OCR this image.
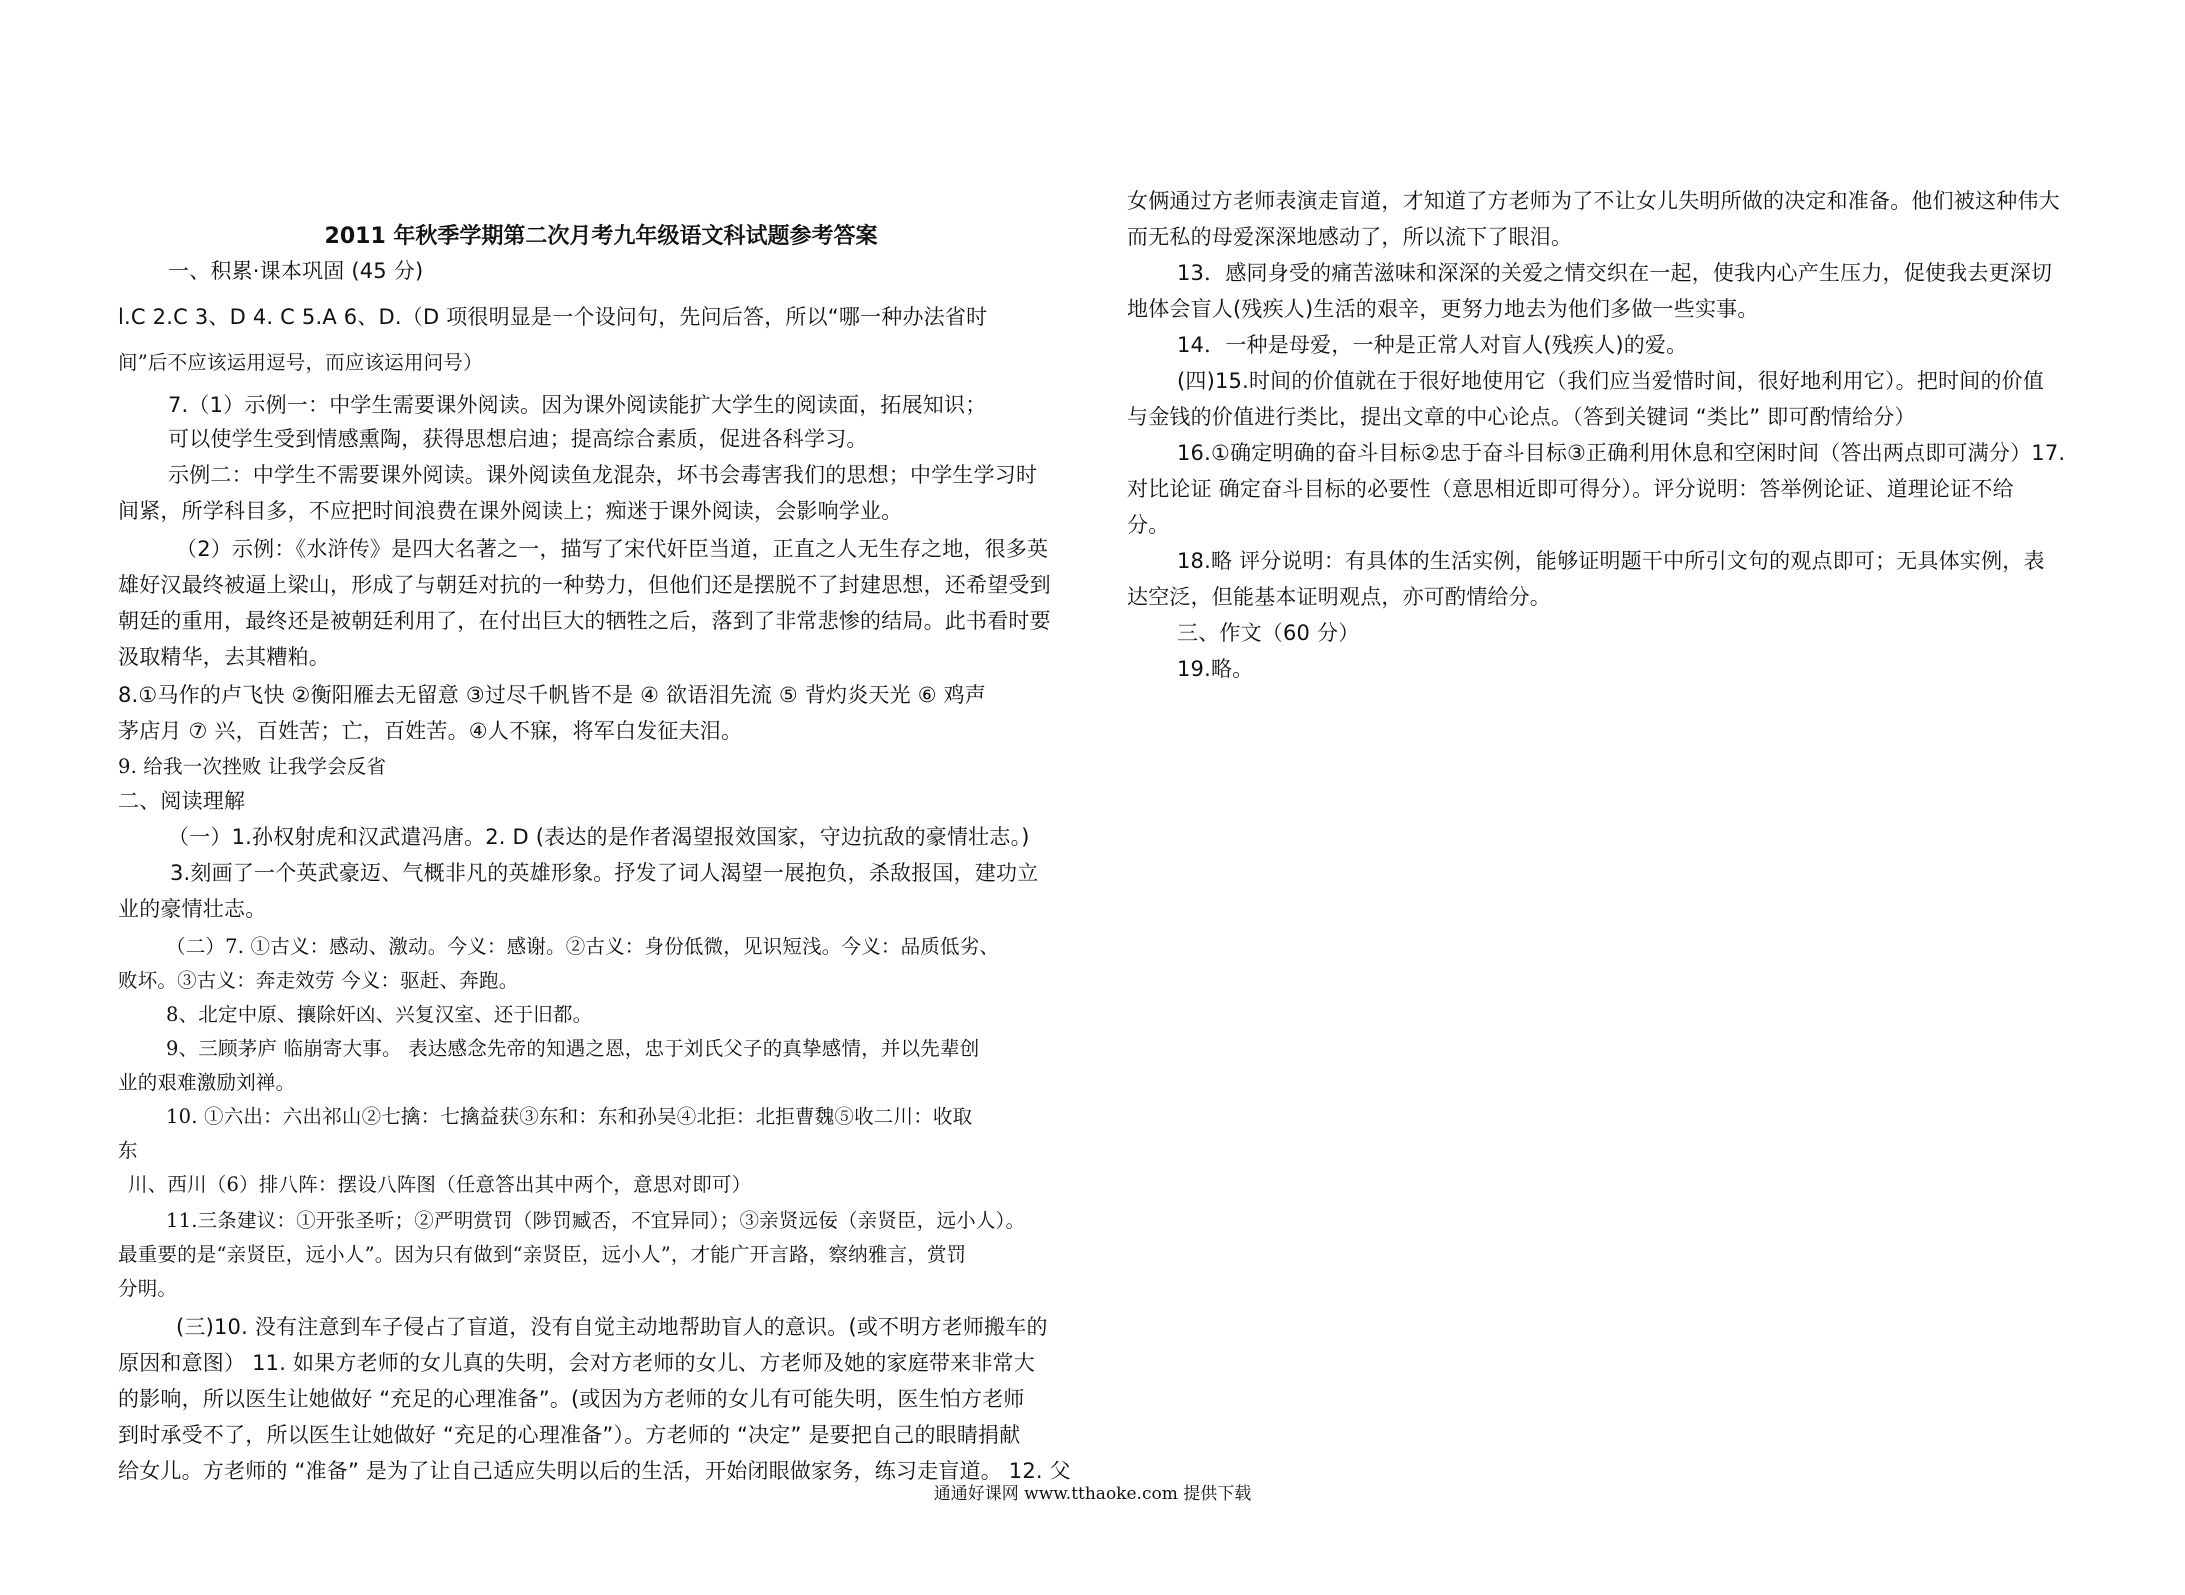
2011 年秋季学期第二次月考九年级语文科试题参考答案
一、积累·课本巩固 (45 分)
l.C 2.C 3、D 4. C 5.A 6、D.（D 项很明显是一个设问句，先问后答，所以“哪一种办法省时
间”后不应该运用逗号，而应该运用问号）
7.（1）示例一：中学生需要课外阅读。因为课外阅读能扩大学生的阅读面，拓展知识；
可以使学生受到情感熏陶，获得思想启迪；提高综合素质，促进各科学习。
示例二：中学生不需要课外阅读。课外阅读鱼龙混杂，坏书会毒害我们的思想；中学生学习时
间紧，所学科目多，不应把时间浪费在课外阅读上；痴迷于课外阅读，会影响学业。
（2）示例：《水浒传》是四大名著之一，描写了宋代奸臣当道，正直之人无生存之地，很多英
雄好汉最终被逼上梁山，形成了与朝廷对抗的一种势力，但他们还是摆脱不了封建思想，还希望受到
朝廷的重用，最终还是被朝廷利用了，在付出巨大的牺牲之后，落到了非常悲惨的结局。此书看时要
汲取精华，去其糟粕。
8.①马作的卢飞快 ②衡阳雁去无留意 ③过尽千帆皆不是 ④ 欲语泪先流 ⑤ 背灼炎天光 ⑥ 鸡声
茅店月 ⑦ 兴，百姓苦；亡，百姓苦。④人不寐，将军白发征夫泪。
9. 给我一次挫败 让我学会反省
二、阅读理解
（一）1.孙权射虎和汉武遣冯唐。2. D (表达的是作者渴望报效国家，守边抗敌的豪情壮志。)
3.刻画了一个英武豪迈、气概非凡的英雄形象。抒发了词人渴望一展抱负，杀敌报国，建功立
业的豪情壮志。
（二）7. ①古义：感动、激动。今义：感谢。②古义：身份低微，见识短浅。今义：品质低劣、
败坏。③古义：奔走效劳 今义：驱赶、奔跑。
8、北定中原、攘除奸凶、兴复汉室、还于旧都。
9、三顾茅庐 临崩寄大事。 表达感念先帝的知遇之恩，忠于刘氏父子的真挚感情，并以先辈创
业的艰难激励刘禅。
10. ①六出：六出祁山②七擒：七擒益获③东和：东和孙吴④北拒：北拒曹魏⑤收二川：收取
东
川、西川（6）排八阵：摆设八阵图（任意答出其中两个，意思对即可）
11.三条建议：①开张圣听；②严明赏罚（陟罚臧否，不宜异同）；③亲贤远佞（亲贤臣，远小人）。
最重要的是“亲贤臣，远小人”。因为只有做到“亲贤臣，远小人”，才能广开言路，察纳雅言，赏罚
分明。
(三)10. 没有注意到车子侵占了盲道，没有自觉主动地帮助盲人的意识。(或不明方老师搬车的
原因和意图） 11. 如果方老师的女儿真的失明，会对方老师的女儿、方老师及她的家庭带来非常大
的影响，所以医生让她做好 “充足的心理准备”。(或因为方老师的女儿有可能失明，医生怕方老师
到时承受不了，所以医生让她做好 “充足的心理准备”）。方老师的 “决定” 是要把自己的眼睛捐献
给女儿。方老师的 “准备” 是为了让自己适应失明以后的生活，开始闭眼做家务，练习走盲道。 12. 父
女俩通过方老师表演走盲道，才知道了方老师为了不让女儿失明所做的决定和准备。他们被这种伟大
而无私的母爱深深地感动了，所以流下了眼泪。
13．感同身受的痛苦滋味和深深的关爱之情交织在一起，使我内心产生压力，促使我去更深切
地体会盲人(残疾人)生活的艰辛，更努力地去为他们多做一些实事。
14．一种是母爱，一种是正常人对盲人(残疾人)的爱。
(四)15.时间的价值就在于很好地使用它（我们应当爱惜时间，很好地利用它）。把时间的价值
与金钱的价值进行类比，提出文章的中心论点。（答到关键词 “类比” 即可酌情给分）
16.①确定明确的奋斗目标②忠于奋斗目标③正确利用休息和空闲时间（答出两点即可满分）17.
对比论证 确定奋斗目标的必要性（意思相近即可得分）。评分说明：答举例论证、道理论证不给
分。
18.略 评分说明：有具体的生活实例，能够证明题干中所引文句的观点即可；无具体实例，表
达空泛，但能基本证明观点，亦可酌情给分。
三、作文（60 分）
19.略。
通通好课网 www.tthaoke.com 提供下载
